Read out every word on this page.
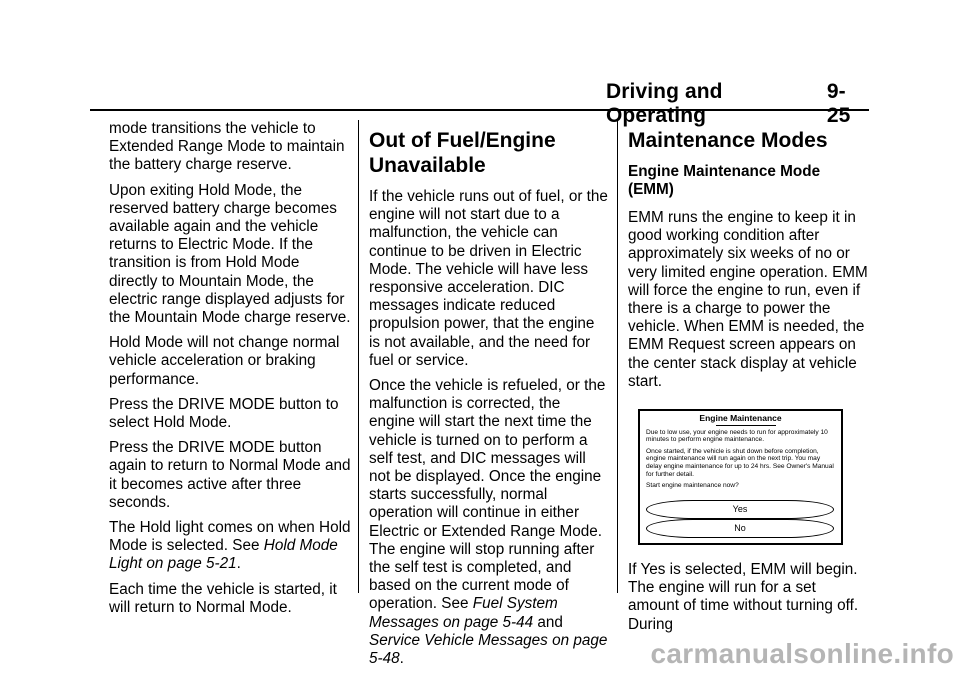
Driving and Operating
9-25

mode transitions the vehicle to Extended Range Mode to maintain the battery charge reserve.

Upon exiting Hold Mode, the reserved battery charge becomes available again and the vehicle returns to Electric Mode. If the transition is from Hold Mode directly to Mountain Mode, the electric range displayed adjusts for the Mountain Mode charge reserve.

Hold Mode will not change normal vehicle acceleration or braking performance.

Press the DRIVE MODE button to select Hold Mode.

Press the DRIVE MODE button again to return to Normal Mode and it becomes active after three seconds.

The Hold light comes on when Hold Mode is selected. See Hold Mode Light on page 5-21.

Each time the vehicle is started, it will return to Normal Mode.

Out of Fuel/Engine Unavailable

If the vehicle runs out of fuel, or the engine will not start due to a malfunction, the vehicle can continue to be driven in Electric Mode. The vehicle will have less responsive acceleration. DIC messages indicate reduced propulsion power, that the engine is not available, and the need for fuel or service.

Once the vehicle is refueled, or the malfunction is corrected, the engine will start the next time the vehicle is turned on to perform a self test, and DIC messages will not be displayed. Once the engine starts successfully, normal operation will continue in either Electric or Extended Range Mode. The engine will stop running after the self test is completed, and based on the current mode of operation. See Fuel System Messages on page 5-44 and Service Vehicle Messages on page 5-48.

Maintenance Modes
Engine Maintenance Mode (EMM)

EMM runs the engine to keep it in good working condition after approximately six weeks of no or very limited engine operation. EMM will force the engine to run, even if there is a charge to power the vehicle. When EMM is needed, the EMM Request screen appears on the center stack display at vehicle start.

Engine Maintenance
Due to low use, your engine needs to run for approximately 10 minutes to perform engine maintenance.
Once started, if the vehicle is shut down before completion, engine maintenance will run again on the next trip. You may delay engine maintenance for up to 24 hrs. See Owner's Manual for further detail.
Start engine maintenance now?
Yes
No

If Yes is selected, EMM will begin. The engine will run for a set amount of time without turning off. During

carmanualsonline.info
